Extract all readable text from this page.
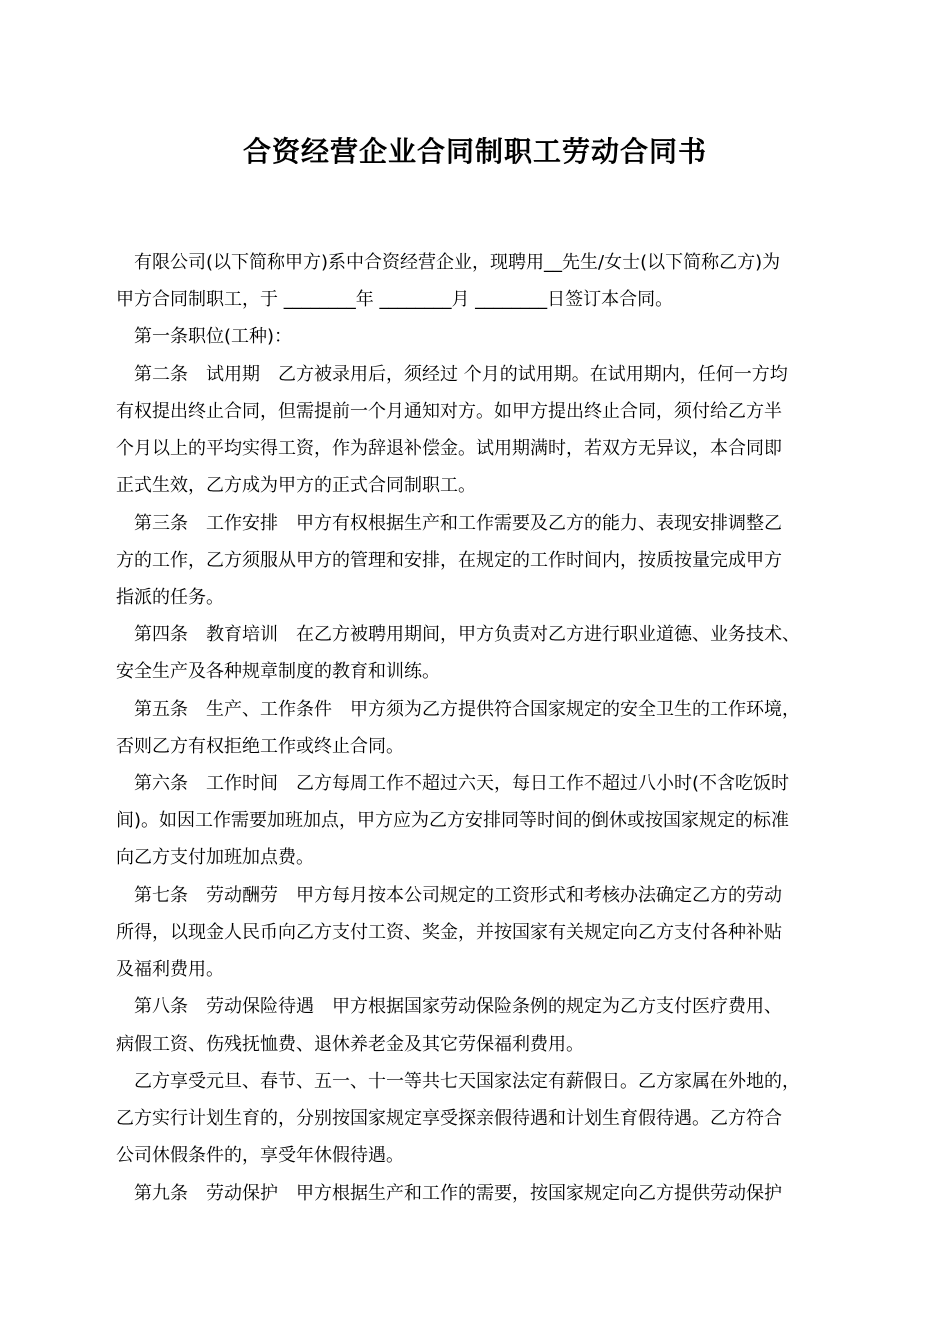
合资经营企业合同制职工劳动合同书
有限公司(以下简称甲方)系中合资经营企业，现聘用__先生/女士(以下简称乙方)为
甲方合同制职工，于 ________年 ________月 ________日签订本合同。
第一条职位(工种)：
第二条　试用期　乙方被录用后，须经过 个月的试用期。在试用期内，任何一方均
有权提出终止合同，但需提前一个月通知对方。如甲方提出终止合同，须付给乙方半
个月以上的平均实得工资，作为辞退补偿金。试用期满时，若双方无异议，本合同即
正式生效，乙方成为甲方的正式合同制职工。
第三条　工作安排　甲方有权根据生产和工作需要及乙方的能力、表现安排调整乙
方的工作，乙方须服从甲方的管理和安排，在规定的工作时间内，按质按量完成甲方
指派的任务。
第四条　教育培训　在乙方被聘用期间，甲方负责对乙方进行职业道德、业务技术、
安全生产及各种规章制度的教育和训练。
第五条　生产、工作条件　甲方须为乙方提供符合国家规定的安全卫生的工作环境，
否则乙方有权拒绝工作或终止合同。
第六条　工作时间　乙方每周工作不超过六天，每日工作不超过八小时(不含吃饭时
间)。如因工作需要加班加点，甲方应为乙方安排同等时间的倒休或按国家规定的标准
向乙方支付加班加点费。
第七条　劳动酬劳　甲方每月按本公司规定的工资形式和考核办法确定乙方的劳动
所得，以现金人民币向乙方支付工资、奖金，并按国家有关规定向乙方支付各种补贴
及福利费用。
第八条　劳动保险待遇　甲方根据国家劳动保险条例的规定为乙方支付医疗费用、
病假工资、伤残抚恤费、退休养老金及其它劳保福利费用。
乙方享受元旦、春节、五一、十一等共七天国家法定有薪假日。乙方家属在外地的，
乙方实行计划生育的，分别按国家规定享受探亲假待遇和计划生育假待遇。乙方符合
公司休假条件的，享受年休假待遇。
第九条　劳动保护　甲方根据生产和工作的需要，按国家规定向乙方提供劳动保护
